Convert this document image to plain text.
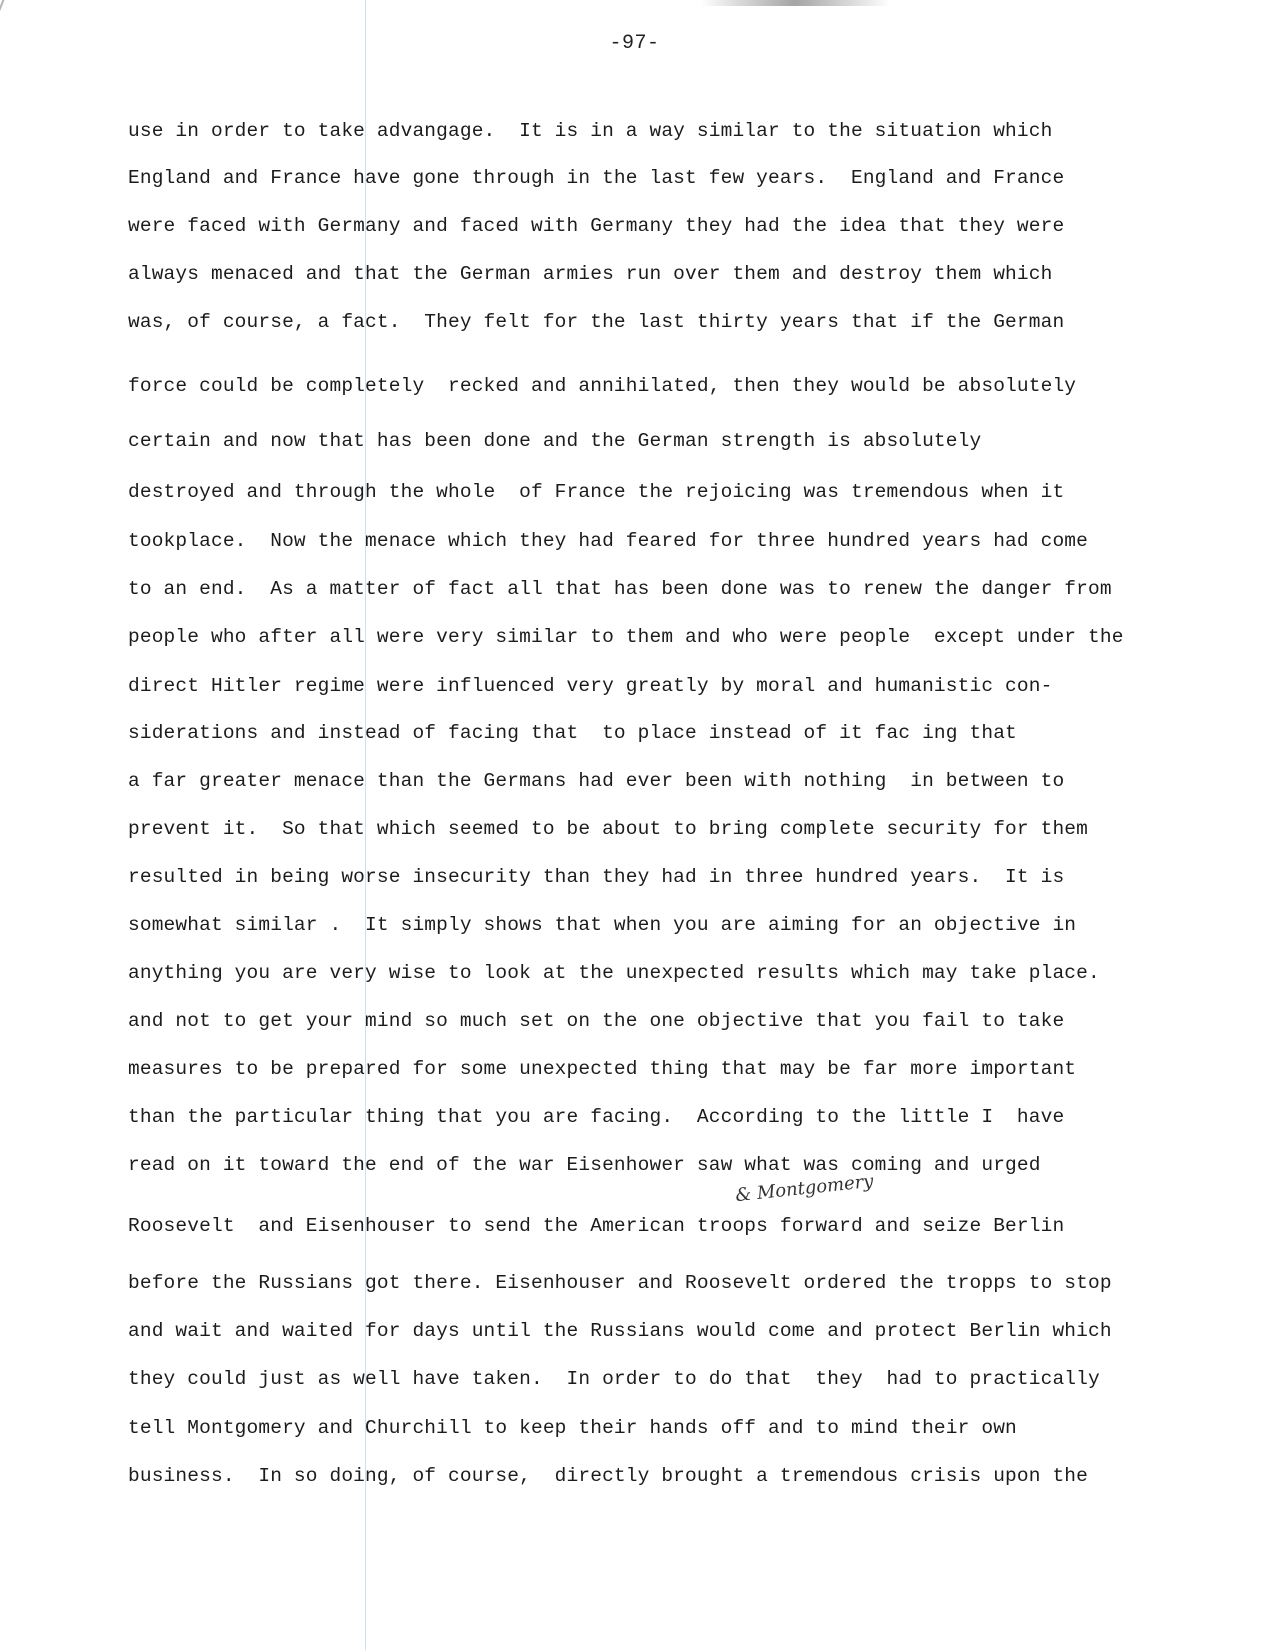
-97-
use in order to take advangage.  It is in a way similar to the situation which
England and France have gone through in the last few years.  England and France
were faced with Germany and faced with Germany they had the idea that they were
always menaced and that the German armies run over them and destroy them which
was, of course, a fact.  They felt for the last thirty years that if the German
force could be completely  recked and annihilated, then they would be absolutely
certain and now that has been done and the German strength is absolutely
destroyed and through the whole  of France the rejoicing was tremendous when it
tookplace.  Now the menace which they had feared for three hundred years had come
to an end.  As a matter of fact all that has been done was to renew the danger from
people who after all were very similar to them and who were people  except under the
direct Hitler regime were influenced very greatly by moral and humanistic con-
siderations and instead of facing that  to place instead of it fac ing that
a far greater menace than the Germans had ever been with nothing  in between to
prevent it.  So that which seemed to be about to bring complete security for them
resulted in being worse insecurity than they had in three hundred years.  It is
somewhat similar .  It simply shows that when you are aiming for an objective in
anything you are very wise to look at the unexpected results which may take place.
and not to get your mind so much set on the one objective that you fail to take
measures to be prepared for some unexpected thing that may be far more important
than the particular thing that you are facing.  According to the little I  have
read on it toward the end of the war Eisenhower saw what was coming and urged
Roosevelt  and Eisenhouser to send the American troops forward and seize Berlin
before the Russians got there. Eisenhouser and Roosevelt ordered the tropps to stop
and wait and waited for days until the Russians would come and protect Berlin which
they could just as well have taken.  In order to do that  they  had to practically
tell Montgomery and Churchill to keep their hands off and to mind their own
business.  In so doing, of course,  directly brought a tremendous crisis upon the
& Montgomery
